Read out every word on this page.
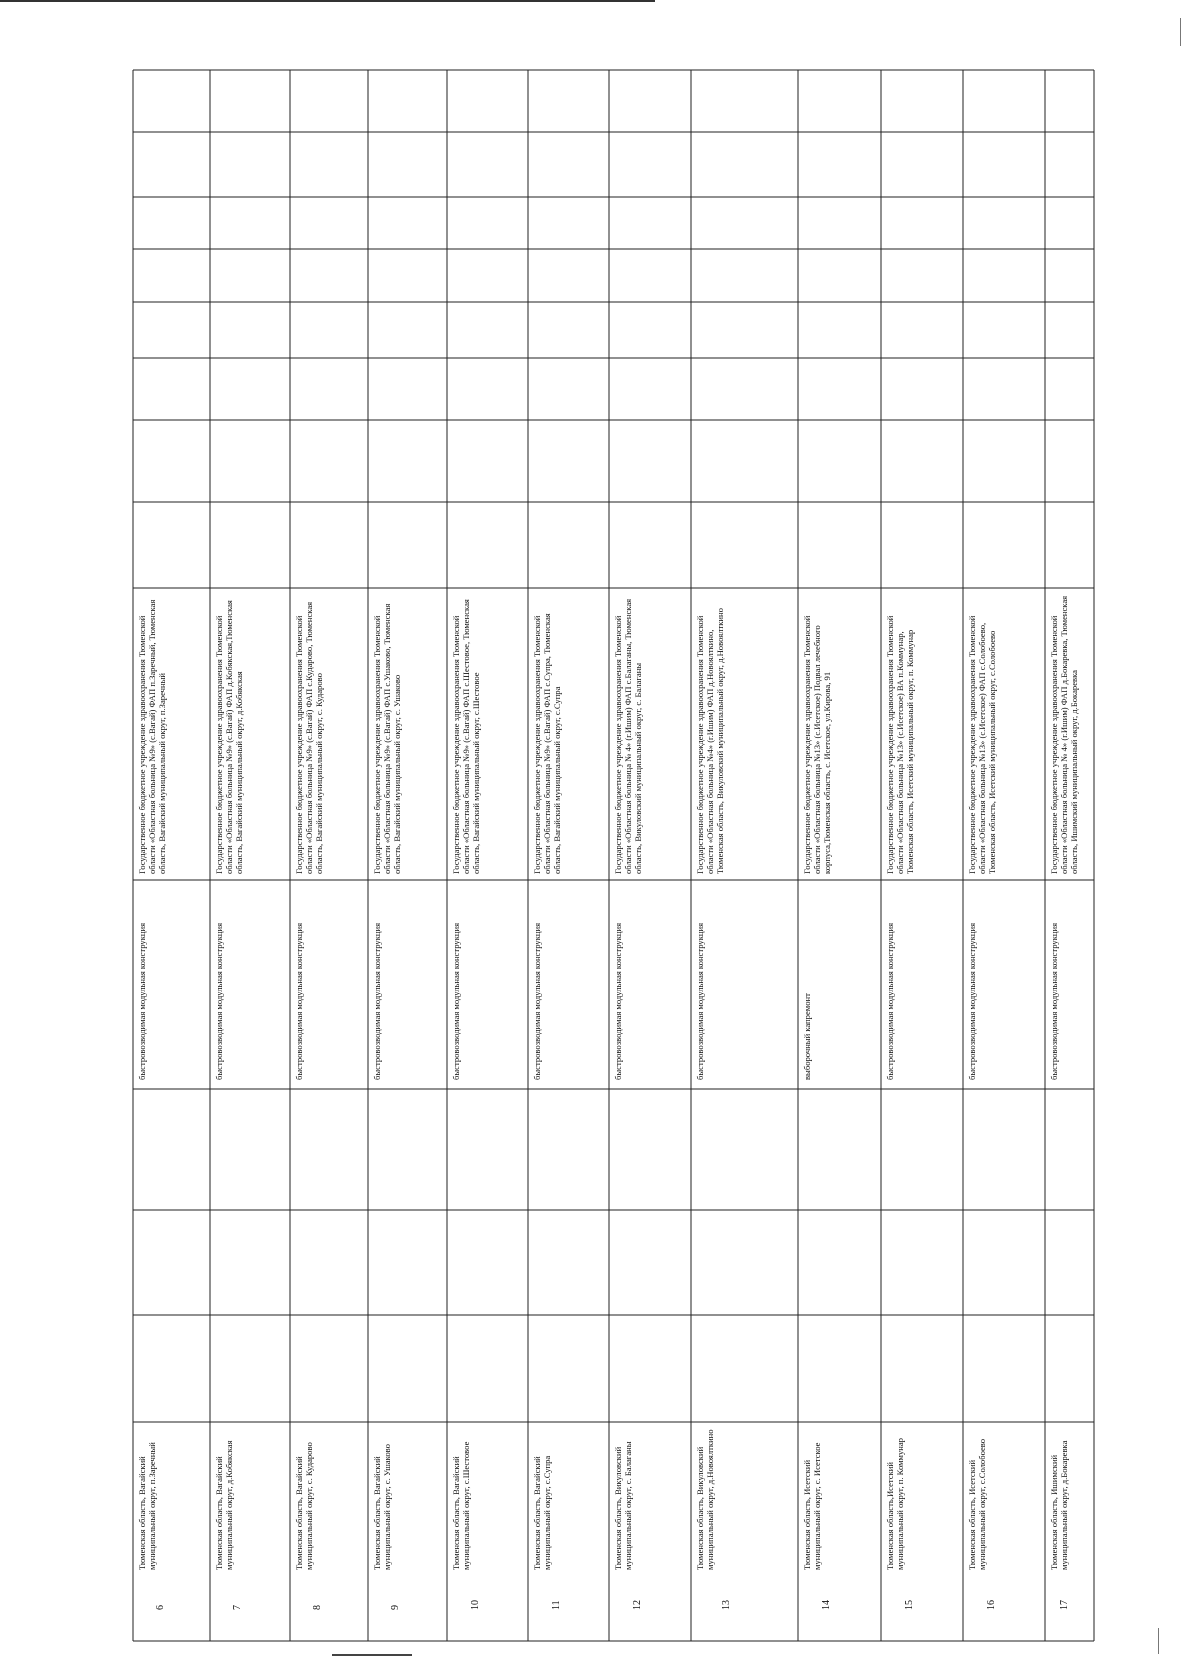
6
Тюменская область, Вагайский муниципальный округ, п.Заречный
быстровозводимая модульная конструкция
Государственное бюджетное учреждение здравоохранения Тюменской области «Областная больница №9» (с.Вагай) ФАП п.Заречный, Тюменская область, Вагайский муниципальный округ, п.Заречный
7
Тюменская область, Вагайский муниципальный округ, д.Кобякская
быстровозводимая модульная конструкция
Государственное бюджетное учреждение здравоохранения Тюменской области «Областная больница №9» (с.Вагай) ФАП д.Кобякская,Тюменская область, Вагайский муниципальный округ, д.Кобякская
8
Тюменская область, Вагайский муниципальный округ, с. Кударово
быстровозводимая модульная конструкция
Государственное бюджетное учреждение здравоохранения Тюменской области «Областная больница №9» (с.Вагай) ФАП с.Кударово, Тюменская область, Вагайский муниципальный округ, с. Кударово
9
Тюменская область, Вагайский муниципальный округ, с. Ушаково
быстровозводимая модульная конструкция
Государственное бюджетное учреждение здравоохранения Тюменской области «Областная больница №9» (с.Вагай) ФАП с.Ушаково, Тюменская область, Вагайский муниципальный округ, с. Ушаково
10
Тюменская область, Вагайский муниципальный округ, с.Шестовое
быстровозводимая модульная конструкция
Государственное бюджетное учреждение здравоохранения Тюменской области «Областная больница №9» (с.Вагай) ФАП с.Шестовое, Тюменская область, Вагайский муниципальный округ, с.Шестовое
11
Тюменская область, Вагайский муниципальный округ, с.Супра
быстровозводимая модульная конструкция
Государственное бюджетное учреждение здравоохранения Тюменской области «Областная больница №9» (с.Вагай) ФАП с.Супра, Тюменская область, Вагайский муниципальный округ, с.Супра
12
Тюменская область, Викуловский муниципальный округ, с. Балаганы
быстровозводимая модульная конструкция
Государственное бюджетное учреждение здравоохранения Тюменской области «Областная больница № 4» (г.Ишим) ФАП с.Балаганы, Тюменская область, Викуловский муниципальный округ, с. Балаганы
13
Тюменская область, Викуловский муниципальный округ, д.Новоялткино
быстровозводимая модульная конструкция
Государственное бюджетное учреждение здравоохранения Тюменской области «Областная больница №4» (г.Ишим) ФАП д.Новоялткино, Тюменская область, Викуловский муниципальный округ, д.Новоялткино
14
Тюменская область, Исетский муниципальный округ, с. Исетское
выборочный капремонт
Государственное бюджетное учреждение здравоохранения Тюменской области «Областная больница №13» (с.Исетское) Подвал лечебного корпуса,Тюменская область, с. Исетское, ул.Кирова, 91
15
Тюменская область,Исетский муниципальный округ, п. Коммунар
быстровозводимая модульная конструкция
Государственное бюджетное учреждение здравоохранения Тюменской области «Областная больница №13» (с.Исетское) ВА п.Коммунар, Тюменская область, Исетский муниципальный округ, п. Коммунар
16
Тюменская область, Исетский муниципальный округ, с.Солобоево
быстровозводимая модульная конструкция
Государственное бюджетное учреждение здравоохранения Тюменской области «Областная больница №13» (с.Исетское) ФАП с.Солобоево, Тюменская область, Исетский муниципальный округ, с.Солобоево
17
Тюменская область, Ишимский муниципальный округ, д.Бокаревка
быстровозводимая модульная конструкция
Государственное бюджетное учреждение здравоохранения Тюменской области «Областная больница № 4» (г.Ишим) ФАП д.Бокаревка, Тюменская область, Ишимский муниципальный округ, д.Бокаревка
